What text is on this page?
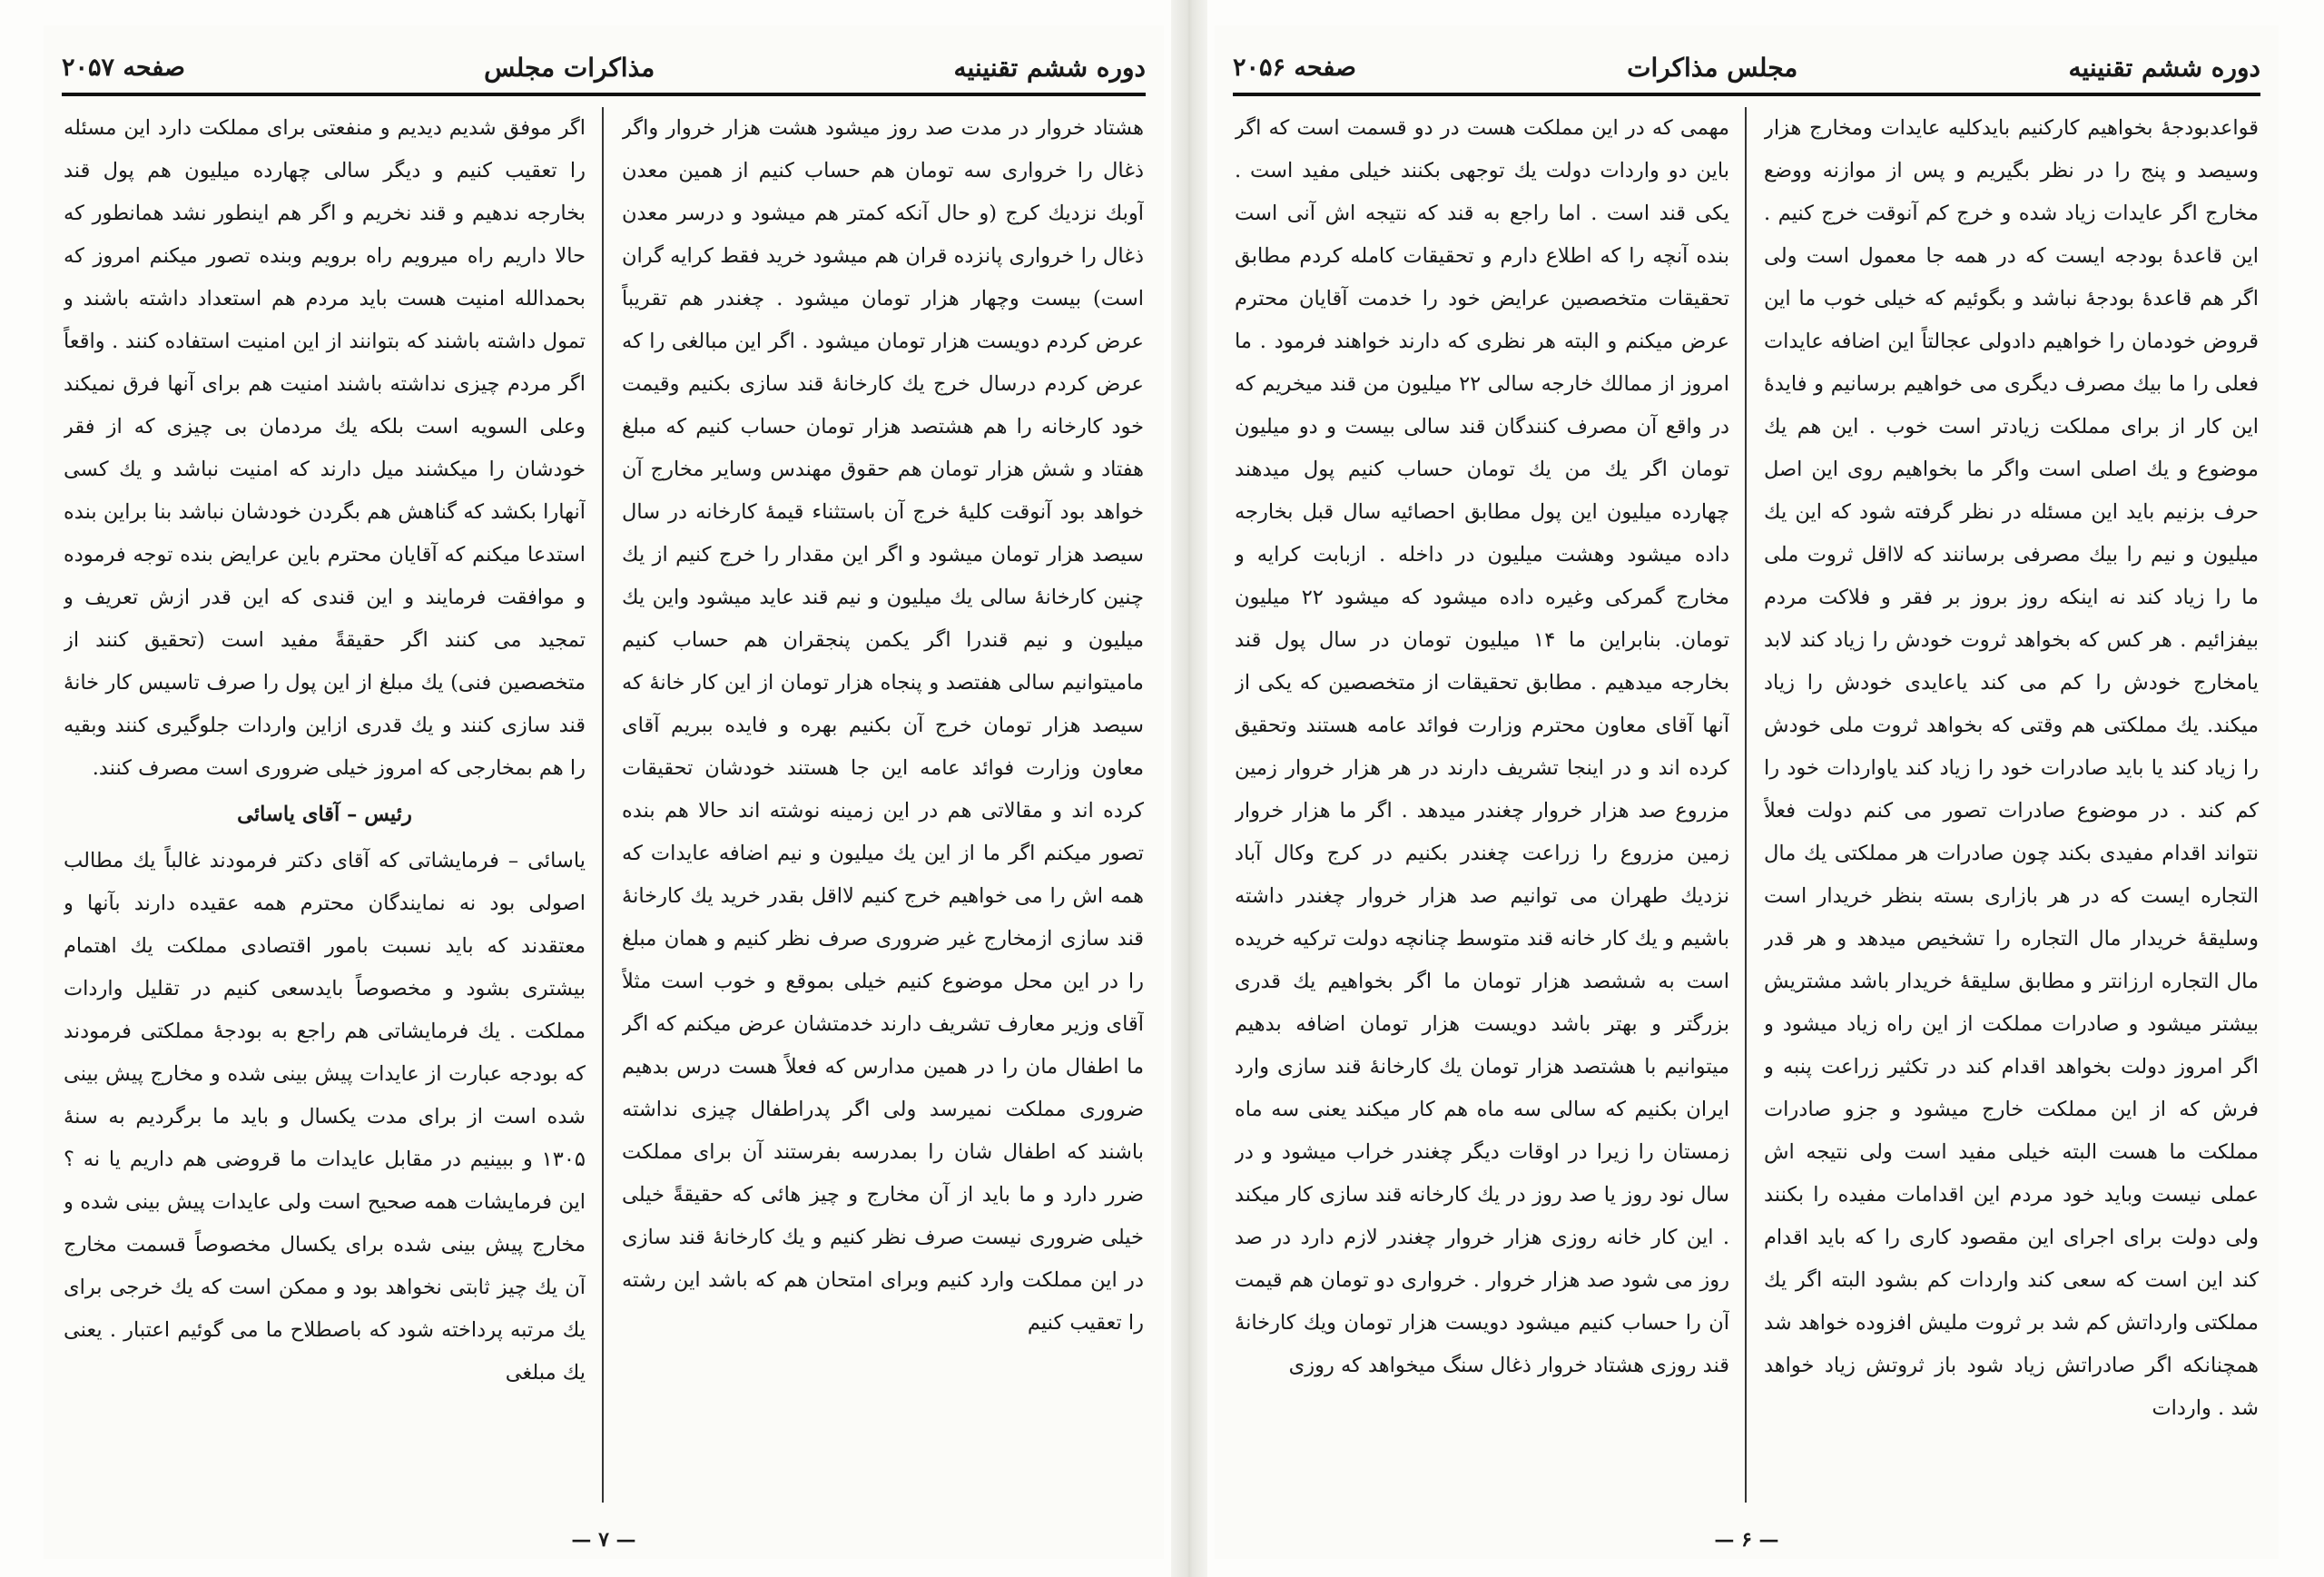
دوره ششم تقنینیه
مذاکرات مجلس
صفحه ۲۰۵۷

هشتاد خروار در مدت صد روز میشود هشت هزار خروار واگر ذغال را خرواری سه تومان هم حساب کنیم از همین معدن آوبك نزدیك کرج (و حال آنکه کمتر هم میشود و درسر معدن ذغال را خرواری پانزده قران هم میشود خرید فقط کرایه گران است) بیست وچهار هزار تومان میشود . چغندر هم تقریباً عرض کردم دویست هزار تومان میشود . اگر این مبالغی را که عرض کردم درسال خرج یك کارخانهٔ قند سازی بکنیم وقیمت خود کارخانه را هم هشتصد هزار تومان حساب کنیم که مبلغ هفتاد و شش هزار تومان هم حقوق مهندس وسایر مخارج آن خواهد بود آنوقت کلیهٔ خرج آن باستثناء قیمهٔ کارخانه در سال سیصد هزار تومان میشود و اگر این مقدار را خرج کنیم از یك چنین کارخانهٔ سالی یك میلیون و نیم قند عاید میشود واین یك میلیون و نیم قندرا اگر یکمن پنجقران هم حساب کنیم مامیتوانیم سالی هفتصد و پنجاه هزار تومان از این کار خانهٔ که سیصد هزار تومان خرج آن بکنیم بهره و فایده ببریم آقای معاون وزارت فوائد عامه این جا هستند خودشان تحقیقات کرده اند و مقالاتی هم در این زمینه نوشته اند حالا هم بنده تصور میکنم اگر ما از این یك میلیون و نیم اضافه عایدات که همه اش را می خواهیم خرج کنیم لااقل بقدر خرید یك کارخانهٔ قند سازی ازمخارج غیر ضروری صرف نظر کنیم و همان مبلغ را در این محل موضوع کنیم خیلی بموقع و خوب است مثلاً آقای وزیر معارف تشریف دارند خدمتشان عرض میکنم که اگر ما اطفال مان را در همین مدارس که فعلاً هست درس بدهیم ضروری مملکت نمیرسد ولی اگر پدراطفال چیزی نداشته باشند که اطفال شان را بمدرسه بفرستند آن برای مملکت ضرر دارد و ما باید از آن مخارج و چیز هائی که حقیقةً خیلی خیلی ضروری نیست صرف نظر کنیم و یك کارخانهٔ قند سازی در این مملکت وارد کنیم وبرای امتحان هم که باشد این رشته را تعقیب کنیم

اگر موفق شدیم دیدیم و منفعتی برای مملکت دارد این مسئله را تعقیب کنیم و دیگر سالی چهارده میلیون هم پول قند بخارجه ندهیم و قند نخریم و اگر هم اینطور نشد همانطور که حالا داریم راه میرویم راه برویم وبنده تصور میکنم امروز که بحمدالله امنیت هست باید مردم هم استعداد داشته باشند و تمول داشته باشند که بتوانند از این امنیت استفاده کنند . واقعاً اگر مردم چیزی نداشته باشند امنیت هم برای آنها فرق نمیکند وعلی السویه است بلکه یك مردمان بی چیزی که از فقر خودشان را میکشند میل دارند که امنیت نباشد و یك کسی آنهارا بکشد که گناهش هم بگردن خودشان نباشد بنا براین بنده استدعا میکنم که آقایان محترم باین عرایض بنده توجه فرموده و موافقت فرمایند و این قندی که این قدر ازش تعریف و تمجید می کنند اگر حقیقةً مفید است (تحقیق کنند از متخصصین فنی) یك مبلغ از این پول را صرف تاسیس کار خانهٔ قند سازی کنند و یك قدری ازاین واردات جلوگیری کنند وبقیه را هم بمخارجی که امروز خیلی ضروری است مصرف کنند.

رئیس – آقای یاسائی

یاسائی – فرمایشاتی که آقای دکتر فرمودند غالباً یك مطالب اصولی بود نه نمایندگان محترم همه عقیده دارند بآنها و معتقدند که باید نسبت بامور اقتصادی مملکت یك اهتمام بیشتری بشود و مخصوصاً بایدسعی کنیم در تقلیل واردات مملکت . یك فرمایشاتی هم راجع به بودجهٔ مملکتی فرمودند که بودجه عبارت از عایدات پیش بینی شده و مخارج پیش بینی شده است از برای مدت یکسال و باید ما برگردیم به سنهٔ ۱۳۰۵ و ببینیم در مقابل عایدات ما قروضی هم داریم یا نه ؟ این فرمایشات همه صحیح است ولی عایدات پیش بینی شده و مخارج پیش بینی شده برای یکسال مخصوصاً قسمت مخارج آن یك چیز ثابتی نخواهد بود و ممکن است که یك خرجی برای یك مرتبه پرداخته شود که باصطلاح ما می گوئیم اعتبار . یعنی یك مبلغی

— ۷ —
دوره ششم تقنینیه
مجلس مذاکرات
صفحه ۲۰۵۶

قواعدبودجهٔ بخواهیم کارکنیم بایدکلیه عایدات ومخارج هزار وسیصد و پنج را در نظر بگیریم و پس از موازنه ووضع مخارج اگر عایدات زیاد شده و خرج کم آنوقت خرج کنیم . این قاعدهٔ بودجه ایست که در همه جا معمول است ولی اگر هم قاعدهٔ بودجهٔ نباشد و بگوئیم که خیلی خوب ما این قروض خودمان را خواهیم دادولی عجالتاً این اضافه عایدات فعلی را ما بیك مصرف دیگری می خواهیم برسانیم و فایدهٔ این کار از برای مملکت زیادتر است خوب . این هم یك موضوع و یك اصلی است واگر ما بخواهیم روی این اصل حرف بزنیم باید این مسئله در نظر گرفته شود که این یك میلیون و نیم را بیك مصرفی برسانند که لااقل ثروت ملی ما را زیاد کند نه اینکه روز بروز بر فقر و فلاکت مردم بیفزائیم . هر کس که بخواهد ثروت خودش را زیاد کند لابد یامخارج خودش را کم می کند یاعایدی خودش را زیاد میکند. یك مملکتی هم وقتی که بخواهد ثروت ملی خودش را زیاد کند یا باید صادرات خود را زیاد کند یاواردات خود را کم کند . در موضوع صادرات تصور می کنم دولت فعلاً نتواند اقدام مفیدی بکند چون صادرات هر مملکتی یك مال التجاره ایست که در هر بازاری بسته بنظر خریدار است وسلیقهٔ خریدار مال التجاره را تشخیص میدهد و هر قدر مال التجاره ارزانتر و مطابق سلیقهٔ خریدار باشد مشتریش بیشتر میشود و صادرات مملکت از این راه زیاد میشود و اگر امروز دولت بخواهد اقدام کند در تکثیر زراعت پنبه و فرش که از این مملکت خارج میشود و جزو صادرات مملکت ما هست البته خیلی مفید است ولی نتیجه اش عملی نیست وباید خود مردم این اقدامات مفیده را بکنند ولی دولت برای اجرای این مقصود کاری را که باید اقدام کند این است که سعی کند واردات کم بشود البته اگر یك مملکتی وارداتش کم شد بر ثروت ملیش افزوده خواهد شد همچنانکه اگر صادراتش زیاد شود باز ثروتش زیاد خواهد شد . واردات

مهمی که در این مملکت هست در دو قسمت است که اگر باین دو واردات دولت یك توجهی بکنند خیلی مفید است . یکی قند است . اما راجع به قند که نتیجه اش آنی است بنده آنچه را که اطلاع دارم و تحقیقات کامله کردم مطابق تحقیقات متخصصین عرایض خود را خدمت آقایان محترم عرض میکنم و البته هر نظری که دارند خواهند فرمود . ما امروز از ممالك خارجه سالی ۲۲ میلیون من قند میخریم که در واقع آن مصرف کنندگان قند سالی بیست و دو میلیون تومان اگر یك من یك تومان حساب کنیم پول میدهند چهارده میلیون این پول مطابق احصائیه سال قبل بخارجه داده میشود وهشت میلیون در داخله . ازبابت کرایه و مخارج گمرکی وغیره داده میشود که میشود ۲۲ میلیون تومان. بنابراین ما ۱۴ میلیون تومان در سال پول قند بخارجه میدهیم . مطابق تحقیقات از متخصصین که یکی از آنها آقای معاون محترم وزارت فوائد عامه هستند وتحقیق کرده اند و در اینجا تشریف دارند در هر هزار خروار زمین مزروع صد هزار خروار چغندر میدهد . اگر ما هزار خروار زمین مزروع را زراعت چغندر بکنیم در کرج وکال آباد نزدیك طهران می توانیم صد هزار خروار چغندر داشته باشیم و یك کار خانه قند متوسط چنانچه دولت ترکیه خریده است به ششصد هزار تومان ما اگر بخواهیم یك قدری بزرگتر و بهتر باشد دویست هزار تومان اضافه بدهیم میتوانیم با هشتصد هزار تومان یك کارخانهٔ قند سازی وارد ایران بکنیم که سالی سه ماه هم کار میکند یعنی سه ماه زمستان را زیرا در اوقات دیگر چغندر خراب میشود و در سال نود روز یا صد روز در یك کارخانه قند سازی کار میکند . این کار خانه روزی هزار خروار چغندر لازم دارد در صد روز می شود صد هزار خروار . خرواری دو تومان هم قیمت آن را حساب کنیم میشود دویست هزار تومان ویك کارخانهٔ قند روزی هشتاد خروار ذغال سنگ میخواهد که روزی

— ۶ —
